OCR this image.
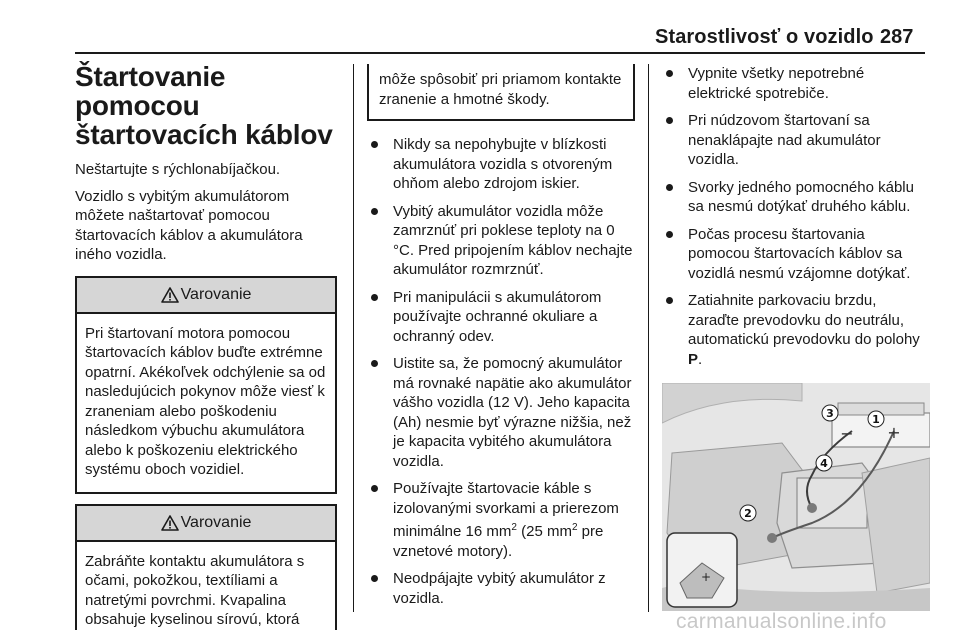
Starostlivosť o vozidlo 287
Štartovanie pomocou štartovacích káblov

Neštartujte s rýchlonabíjačkou.

Vozidlo s vybitým akumulátorom môžete naštartovať pomocou štartovacích káblov a akumulátora iného vozidla.

Varovanie
Pri štartovaní motora pomocou štartovacích káblov buďte extrémne opatrní. Akékoľvek odchýlenie sa od nasledujúcich pokynov môže viesť k zraneniam alebo poškodeniu následkom výbuchu akumulátora alebo k poškozeniu elektrického systému oboch vozidiel.
Varovanie
Zabráňte kontaktu akumulátora s očami, pokožkou, textíliami a natretými povrchmi. Kvapalina obsahuje kyselinou sírovú, ktorá
môže spôsobiť pri priamom kontakte zranenie a hmotné škody.
Nikdy sa nepohybujte v blízkosti akumulátora vozidla s otvoreným ohňom alebo zdrojom iskier.
Vybitý akumulátor vozidla môže zamrznúť pri poklese teploty na 0 °C. Pred pripojením káblov nechajte akumulátor rozmrznúť.
Pri manipulácii s akumulátorom používajte ochranné okuliare a ochranný odev.
Uistite sa, že pomocný akumulátor má rovnaké napätie ako akumulátor vášho vozidla (12 V). Jeho kapacita (Ah) nesmie byť výrazne nižšia, než je kapacita vybitého akumulátora vozidla.
Používajte štartovacie káble s izolovanými svorkami a prierezom minimálne 16 $mm^2$ (25 $mm^2$ pre vznetové motory).
Neodpájajte vybitý akumulátor z vozidla.
Vypnite všetky nepotrebné elektrické spotrebiče.
Pri núdzovom štartovaní sa nenaklápajte nad akumulátor vozidla.
Svorky jedného pomocného káblu sa nesmú dotýkať druhého káblu.
Počas procesu štartovania pomocou štartovacích káblov sa vozidlá nesmú vzájomne dotýkať.
Zatiahnite parkovaciu brzdu, zaraďte prevodovku do neutrálu, automatickú prevodovku do polohy P.
+
+
−
1
3
4
2
carmanualsonline.info
